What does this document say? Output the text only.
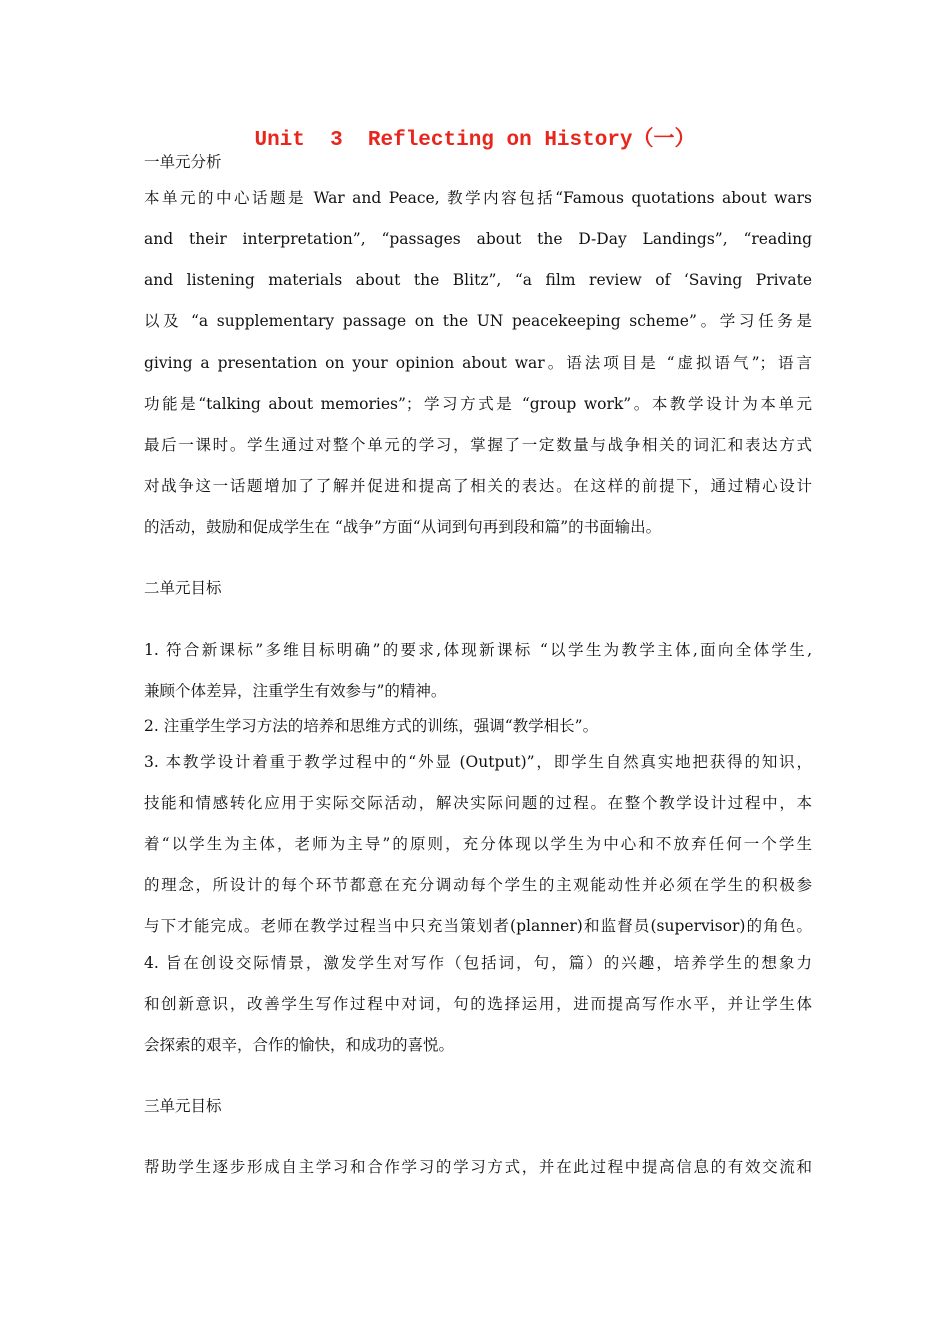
Unit  3  Reflecting on History（一）
一单元分析
本单元的中心话题是 War and Peace, 教学内容包括“Famous quotations about wars
and their interpretation”, “passages about the D-Day Landings”, “reading
and listening materials about the Blitz”, “a film review of ‘Saving Private
以及 “a supplementary passage on the UN peacekeeping scheme”。学习任务是
giving a presentation on your opinion about war。语法项目是 “虚拟语气”；语言
功能是“talking about memories”；学习方式是 “group work”。本教学设计为本单元
最后一课时。学生通过对整个单元的学习，掌握了一定数量与战争相关的词汇和表达方式
对战争这一话题增加了了解并促进和提高了相关的表达。在这样的前提下，通过精心设计
的活动，鼓励和促成学生在 “战争”方面“从词到句再到段和篇”的书面输出。
二单元目标
1. 符合新课标”多维目标明确”的要求,体现新课标 “以学生为教学主体,面向全体学生,
兼顾个体差异，注重学生有效参与”的精神。
2. 注重学生学习方法的培养和思维方式的训练，强调“教学相长”。
3. 本教学设计着重于教学过程中的“外显 (Output)”，即学生自然真实地把获得的知识，
技能和情感转化应用于实际交际活动，解决实际问题的过程。在整个教学设计过程中，本
着“以学生为主体，老师为主导”的原则，充分体现以学生为中心和不放弃任何一个学生
的理念，所设计的每个环节都意在充分调动每个学生的主观能动性并必须在学生的积极参
与下才能完成。老师在教学过程当中只充当策划者(planner)和监督员(supervisor)的角色。
4. 旨在创设交际情景，激发学生对写作（包括词，句，篇）的兴趣，培养学生的想象力
和创新意识，改善学生写作过程中对词，句的选择运用，进而提高写作水平，并让学生体
会探索的艰辛，合作的愉快，和成功的喜悦。
三单元目标
帮助学生逐步形成自主学习和合作学习的学习方式，并在此过程中提高信息的有效交流和
